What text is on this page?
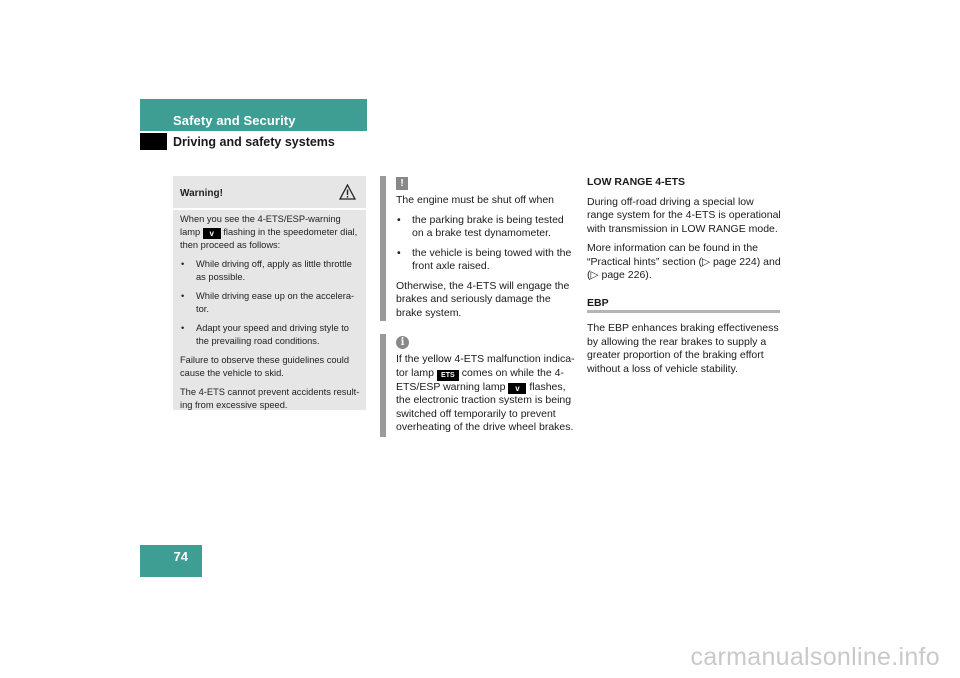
Safety and Security
Driving and safety systems
Warning!

When you see the 4-ETS/ESP-warning lamp v flashing in the speedometer dial, then proceed as follows:

• While driving off, apply as little throttle as possible.
• While driving ease up on the accelera-tor.
• Adapt your speed and driving style to the prevailing road conditions.

Failure to observe these guidelines could cause the vehicle to skid.

The 4-ETS cannot prevent accidents result-ing from excessive speed.

!

The engine must be shut off when

• the parking brake is being tested on a brake test dynamometer.
• the vehicle is being towed with the front axle raised.

Otherwise, the 4-ETS will engage the brakes and seriously damage the brake system.

i

If the yellow 4-ETS malfunction indica-tor lamp ETS comes on while the 4-ETS/ESP warning lamp v flashes, the electronic traction system is being switched off temporarily to prevent overheating of the drive wheel brakes.

LOW RANGE 4-ETS

During off-road driving a special low range system for the 4-ETS is operational with transmission in LOW RANGE mode.

More information can be found in the “Practical hints” section (▷ page 224) and (▷ page 226).

EBP

The EBP enhances braking effectiveness by allowing the rear brakes to supply a greater proportion of the braking effort without a loss of vehicle stability.

74
carmanualsonline.info
